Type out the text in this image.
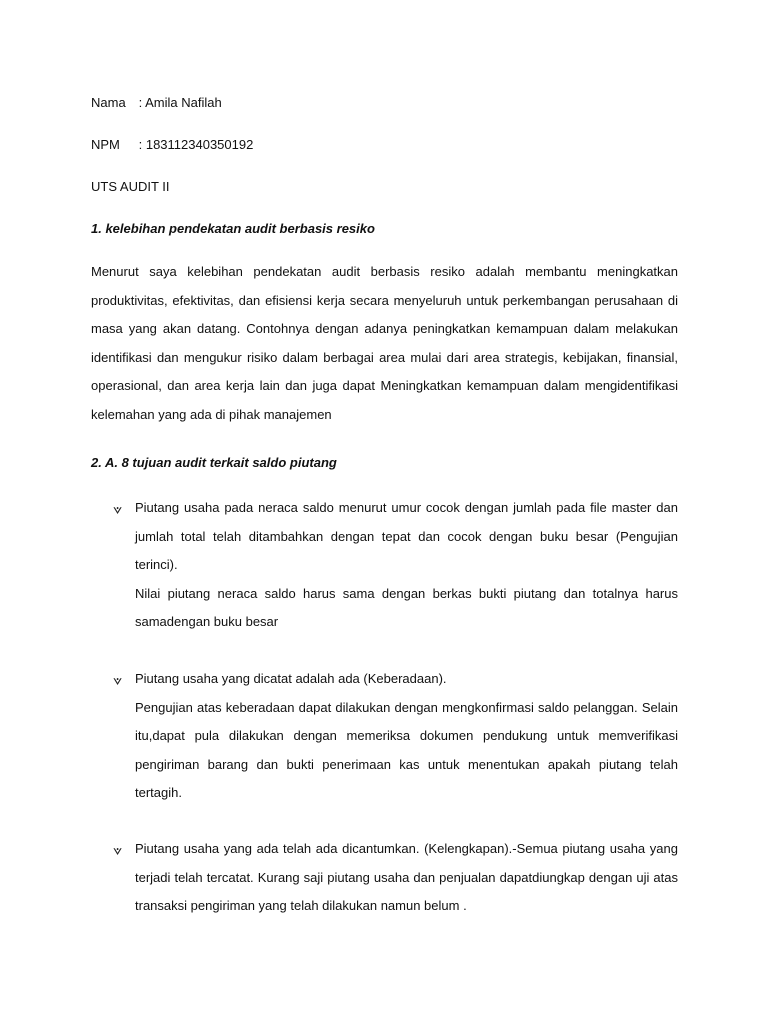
Nama : Amila Nafilah
NPM : 183112340350192
UTS AUDIT II
1. kelebihan pendekatan audit berbasis resiko

Menurut saya kelebihan pendekatan audit berbasis resiko adalah membantu meningkatkan produktivitas, efektivitas, dan efisiensi kerja secara menyeluruh untuk perkembangan perusahaan di masa yang akan datang. Contohnya dengan adanya peningkatkan kemampuan dalam melakukan identifikasi dan mengukur risiko dalam berbagai area mulai dari area strategis, kebijakan, finansial, operasional, dan area kerja lain dan juga dapat Meningkatkan kemampuan dalam mengidentifikasi kelemahan yang ada di pihak manajemen

2. A. 8 tujuan audit terkait saldo piutang
⟇ Piutang usaha pada neraca saldo menurut umur cocok dengan jumlah pada file master dan jumlah total telah ditambahkan dengan tepat dan cocok dengan buku besar (Pengujian terinci).
Nilai piutang neraca saldo harus sama dengan berkas bukti piutang dan totalnya harus samadengan buku besar
⟇ Piutang usaha yang dicatat adalah ada (Keberadaan).
Pengujian atas keberadaan dapat dilakukan dengan mengkonfirmasi saldo pelanggan. Selain itu,dapat pula dilakukan dengan memeriksa dokumen pendukung untuk memverifikasi pengiriman barang dan bukti penerimaan kas untuk menentukan apakah piutang telah tertagih.
⟇ Piutang usaha yang ada telah ada dicantumkan. (Kelengkapan).-Semua piutang usaha yang terjadi telah tercatat. Kurang saji piutang usaha dan penjualan dapatdiungkap dengan uji atas transaksi pengiriman yang telah dilakukan namun belum .
